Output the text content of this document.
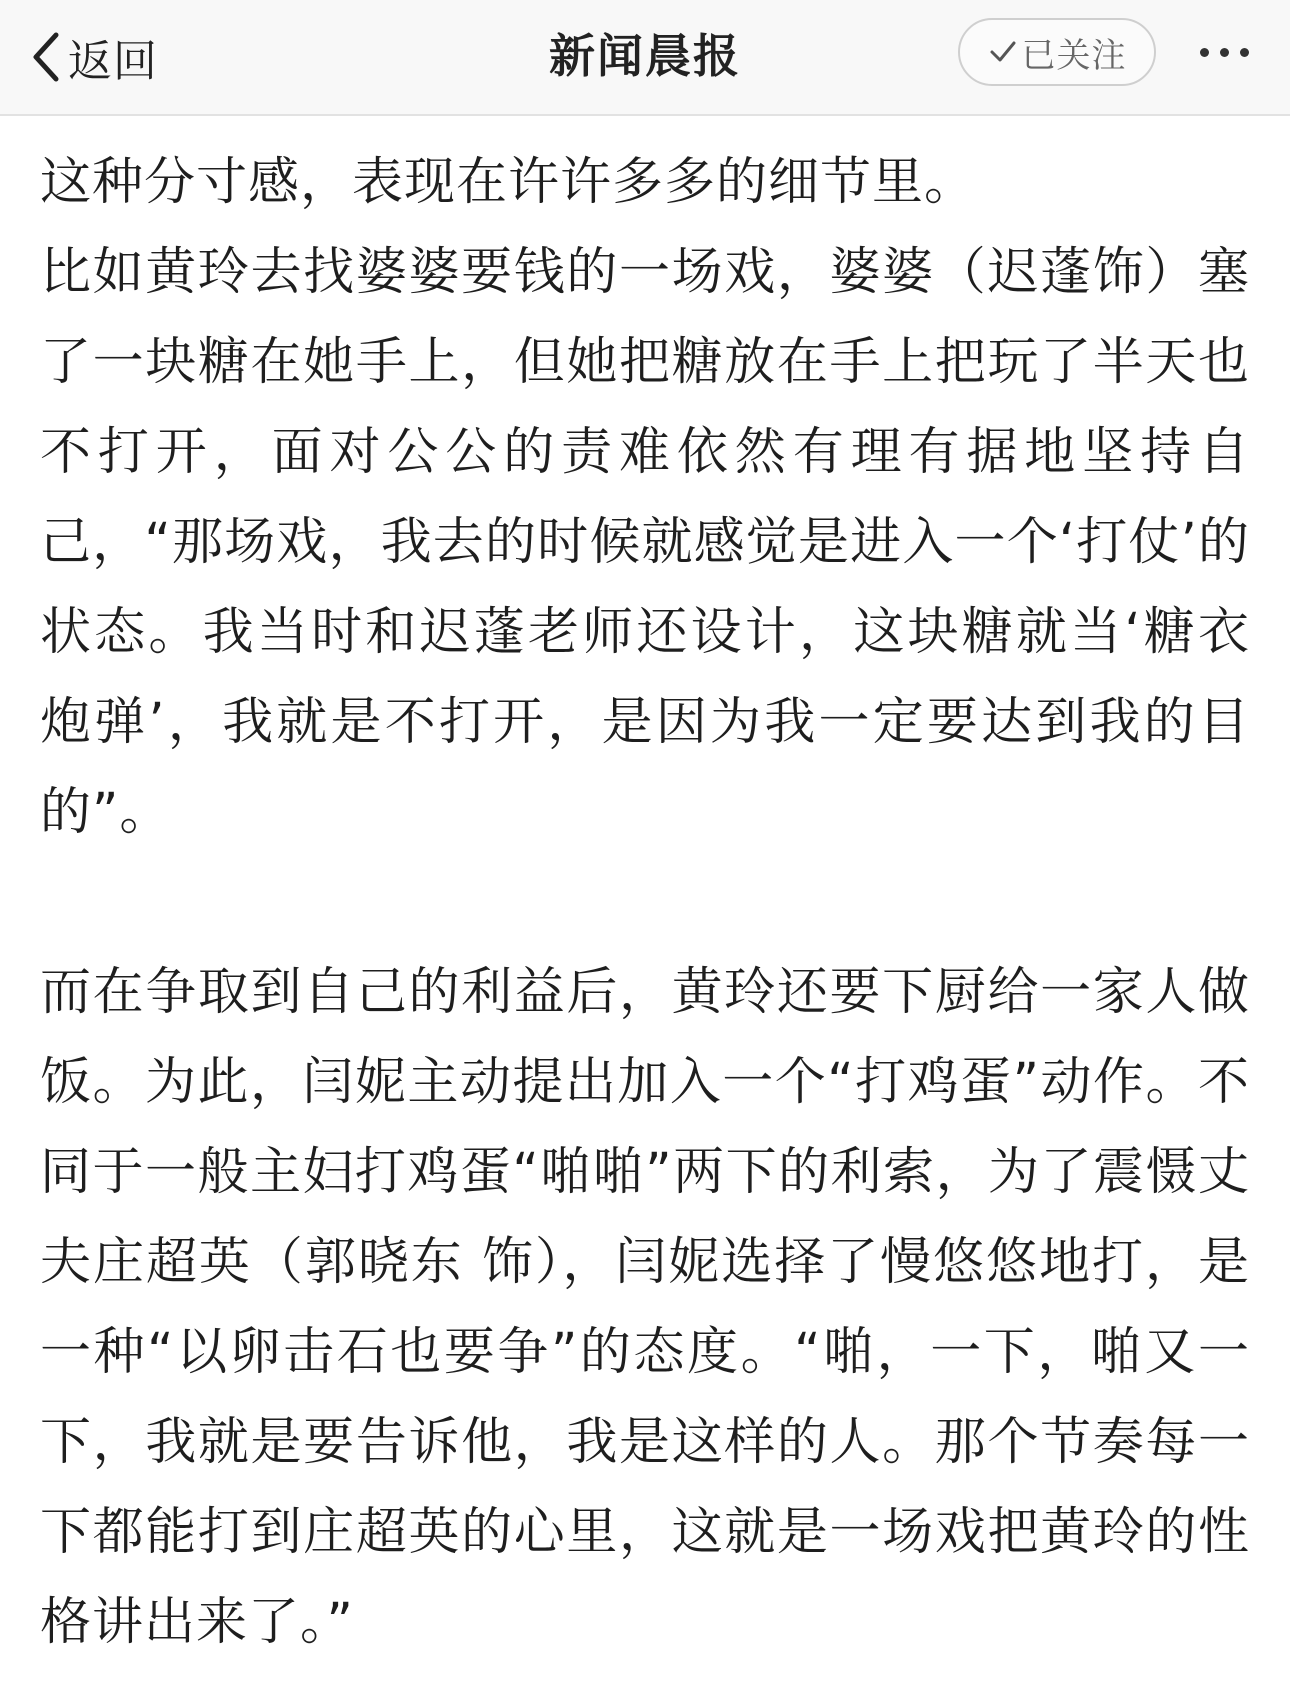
返回	新闻晨报	已关注

这种分寸感，表现在许许多多的细节里。

比如黄玲去找婆婆要钱的一场戏，婆婆（迟蓬饰）塞了一块糖在她手上，但她把糖放在手上把玩了半天也不打开，面对公公的责难依然有理有据地坚持自己，“那场戏，我去的时候就感觉是进入一个‘打仗’的状态。我当时和迟蓬老师还设计，这块糖就当‘糖衣炮弹’，我就是不打开，是因为我一定要达到我的目的”。

而在争取到自己的利益后，黄玲还要下厨给一家人做饭。为此，闫妮主动提出加入一个“打鸡蛋”动作。不同于一般主妇打鸡蛋“啪啪”两下的利索，为了震慑丈夫庄超英（郭晓东 饰），闫妮选择了慢悠悠地打，是一种“以卵击石也要争”的态度。“啪，一下，啪又一下，我就是要告诉他，我是这样的人。那个节奏每一下都能打到庄超英的心里，这就是一场戏把黄玲的性格讲出来了。”
